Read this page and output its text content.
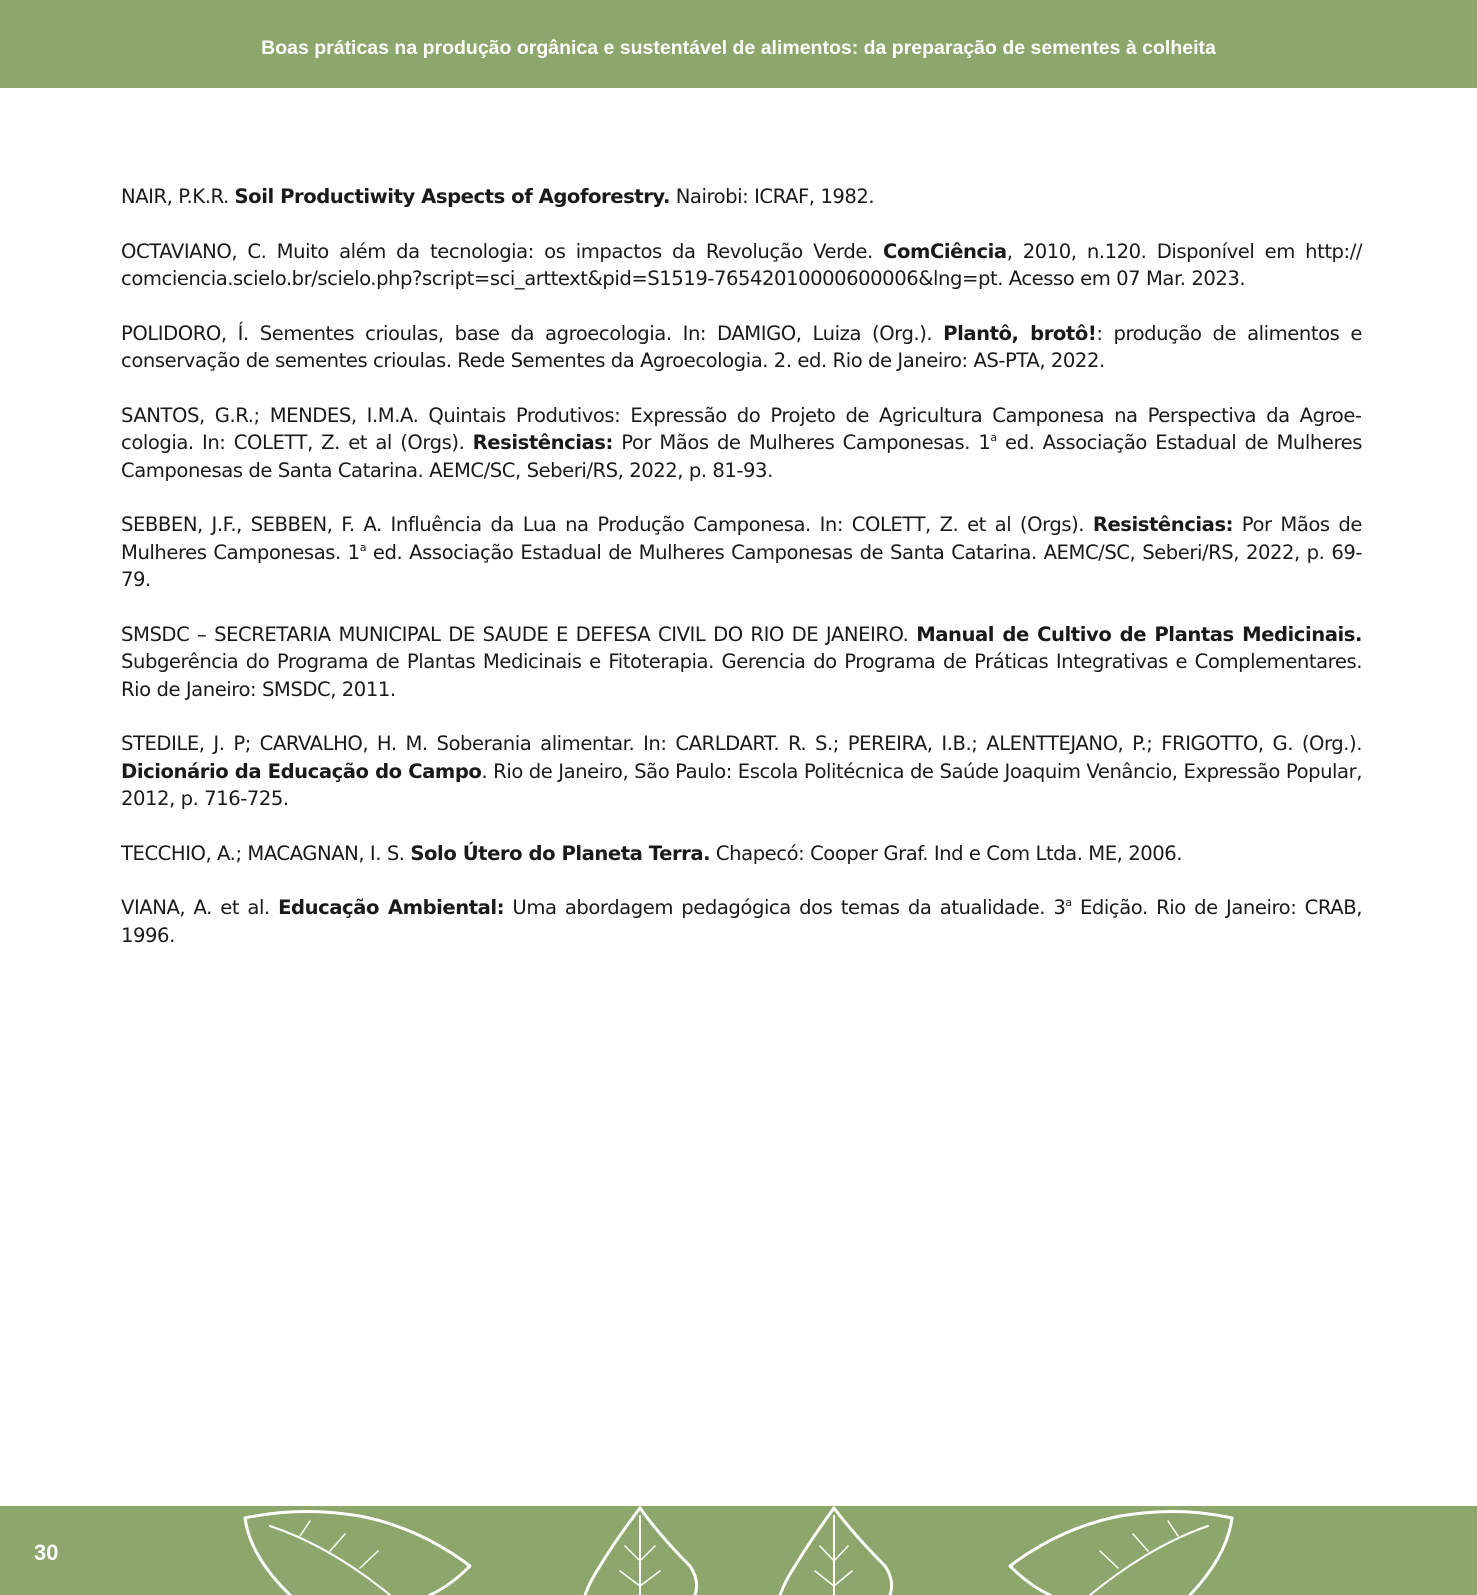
Boas práticas na produção orgânica e sustentável de alimentos: da preparação de sementes à colheita

NAIR, P.K.R. Soil Productiwity Aspects of Agoforestry. Nairobi: ICRAF, 1982.

OCTAVIANO, C. Muito além da tecnologia: os impactos da Revolução Verde. ComCiência, 2010, n.120. Disponível em http:// comciencia.scielo.br/scielo.php?script=sci_arttext&pid=S1519-76542010000600006&lng=pt. Acesso em 07 Mar. 2023.

POLIDORO, Í. Sementes crioulas, base da agroecologia. In: DAMIGO, Luiza (Org.). Plantô, brotô!: produção de alimentos e conservação de sementes crioulas. Rede Sementes da Agroecologia. 2. ed. Rio de Janeiro: AS-PTA, 2022.

SANTOS, G.R.; MENDES, I.M.A. Quintais Produtivos: Expressão do Projeto de Agricultura Camponesa na Perspectiva da Agroecologia. In: COLETT, Z. et al (Orgs). Resistências: Por Mãos de Mulheres Camponesas. 1$^a$ ed. Associação Estadual de Mulheres Camponesas de Santa Catarina. AEMC/SC, Seberi/RS, 2022, p. 81-93.

SEBBEN, J.F., SEBBEN, F. A. Influência da Lua na Produção Camponesa. In: COLETT, Z. et al (Orgs). Resistências: Por Mãos de Mulheres Camponesas. 1$^a$ ed. Associação Estadual de Mulheres Camponesas de Santa Catarina. AEMC/SC, Seberi/RS, 2022, p. 69-79.

SMSDC – SECRETARIA MUNICIPAL DE SAUDE E DEFESA CIVIL DO RIO DE JANEIRO. Manual de Cultivo de Plantas Medicinais. Subgerência do Programa de Plantas Medicinais e Fitoterapia. Gerencia do Programa de Práticas Integrativas e Complementares. Rio de Janeiro: SMSDC, 2011.

STEDILE, J. P; CARVALHO, H. M. Soberania alimentar. In: CARLDART. R. S.; PEREIRA, I.B.; ALENTTEJANO, P.; FRIGOTTO, G. (Org.). Dicionário da Educação do Campo. Rio de Janeiro, São Paulo: Escola Politécnica de Saúde Joaquim Venâncio, Expressão Popular, 2012, p. 716-725.

TECCHIO, A.; MACAGNAN, I. S. Solo Útero do Planeta Terra. Chapecó: Cooper Graf. Ind e Com Ltda. ME, 2006.

VIANA, A. et al. Educação Ambiental: Uma abordagem pedagógica dos temas da atualidade. 3$^a$ Edição. Rio de Janeiro: CRAB, 1996.

30
